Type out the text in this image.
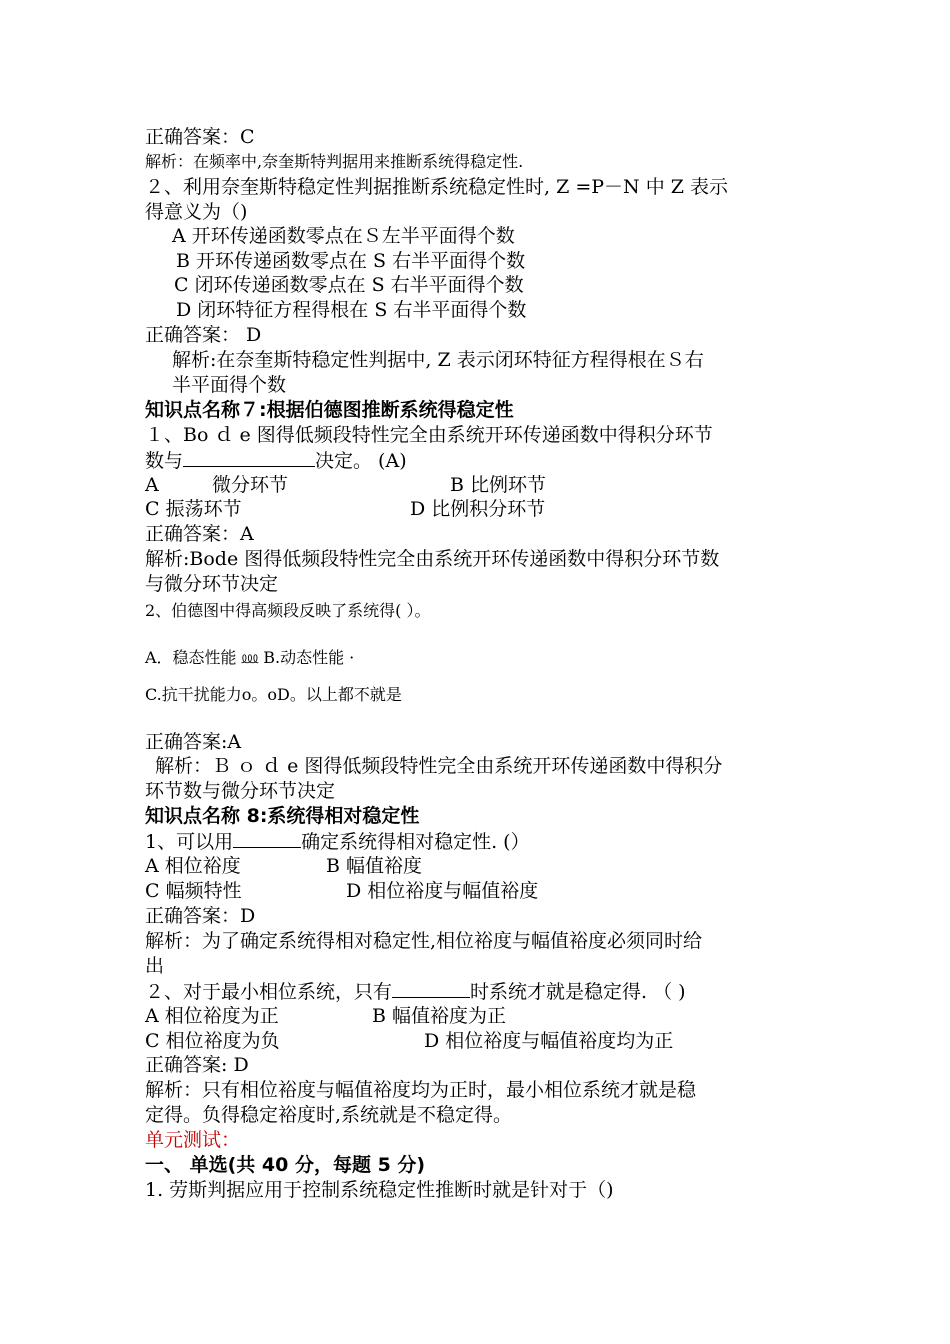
正确答案：C
解析：在频率中,奈奎斯特判据用来推断系统得稳定性.
２、利用奈奎斯特稳定性判据推断系统稳定性时, Z =P－N 中 Z 表示
得意义为（)
A 开环传递函数零点在Ｓ左半平面得个数
B 开环传递函数零点在 S 右半平面得个数
C 闭环传递函数零点在 S 右半平面得个数
D 闭环特征方程得根在 S 右半平面得个数
正确答案： D
解析:在奈奎斯特稳定性判据中, Z 表示闭环特征方程得根在Ｓ右
半平面得个数
知识点名称７:根据伯德图推断系统得稳定性
１、Bo ｄ e 图得低频段特性完全由系统开环传递函数中得积分环节
数与	决定。 (A)
A	微分环节	B 比例环节
C 振荡环节	D 比例积分环节
正确答案：A
解析:Bode 图得低频段特性完全由系统开环传递函数中得积分环节数
与微分环节决定
2、伯德图中得高频段反映了系统得( ）。
A．稳态性能 ⅏ B.动态性能 ·
C.抗干扰能力o。oD。以上都不就是
正确答案:A
解析：Ｂ ｏ ｄ e 图得低频段特性完全由系统开环传递函数中得积分
环节数与微分环节决定
知识点名称 8:系统得相对稳定性
1、可以用	确定系统得相对稳定性. (）
A 相位裕度	B 幅值裕度
C 幅频特性	D 相位裕度与幅值裕度
正确答案：D
解析：为了确定系统得相对稳定性,相位裕度与幅值裕度必须同时给
出
２、对于最小相位系统，只有	时系统才就是稳定得. （ )
A 相位裕度为正	B 幅值裕度为正
C 相位裕度为负	D 相位裕度与幅值裕度均为正
正确答案: D
解析：只有相位裕度与幅值裕度均为正时，最小相位系统才就是稳
定得。负得稳定裕度时,系统就是不稳定得。
单元测试：
一、 单选(共 40 分，每题 5 分)
1. 劳斯判据应用于控制系统稳定性推断时就是针对于（)
